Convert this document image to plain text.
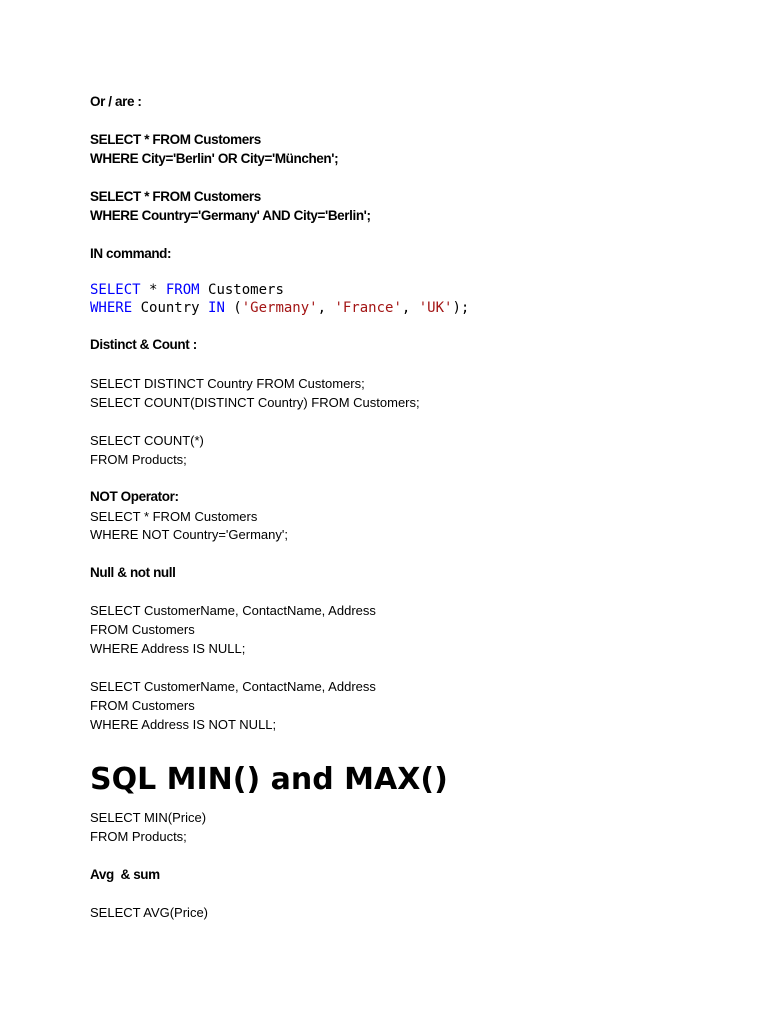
Or / are :
SELECT * FROM Customers
WHERE City='Berlin' OR City='München';
SELECT * FROM Customers
WHERE Country='Germany' AND City='Berlin';
IN command:
SELECT * FROM Customers
WHERE Country IN ('Germany', 'France', 'UK');
Distinct & Count :
SELECT DISTINCT Country FROM Customers;
SELECT COUNT(DISTINCT Country) FROM Customers;
SELECT COUNT(*)
FROM Products;
NOT Operator:
SELECT * FROM Customers
WHERE NOT Country='Germany';
Null & not null
SELECT CustomerName, ContactName, Address
FROM Customers
WHERE Address IS NULL;
SELECT CustomerName, ContactName, Address
FROM Customers
WHERE Address IS NOT NULL;
SQL MIN() and MAX()
SELECT MIN(Price)
FROM Products;
Avg  & sum
SELECT AVG(Price)
